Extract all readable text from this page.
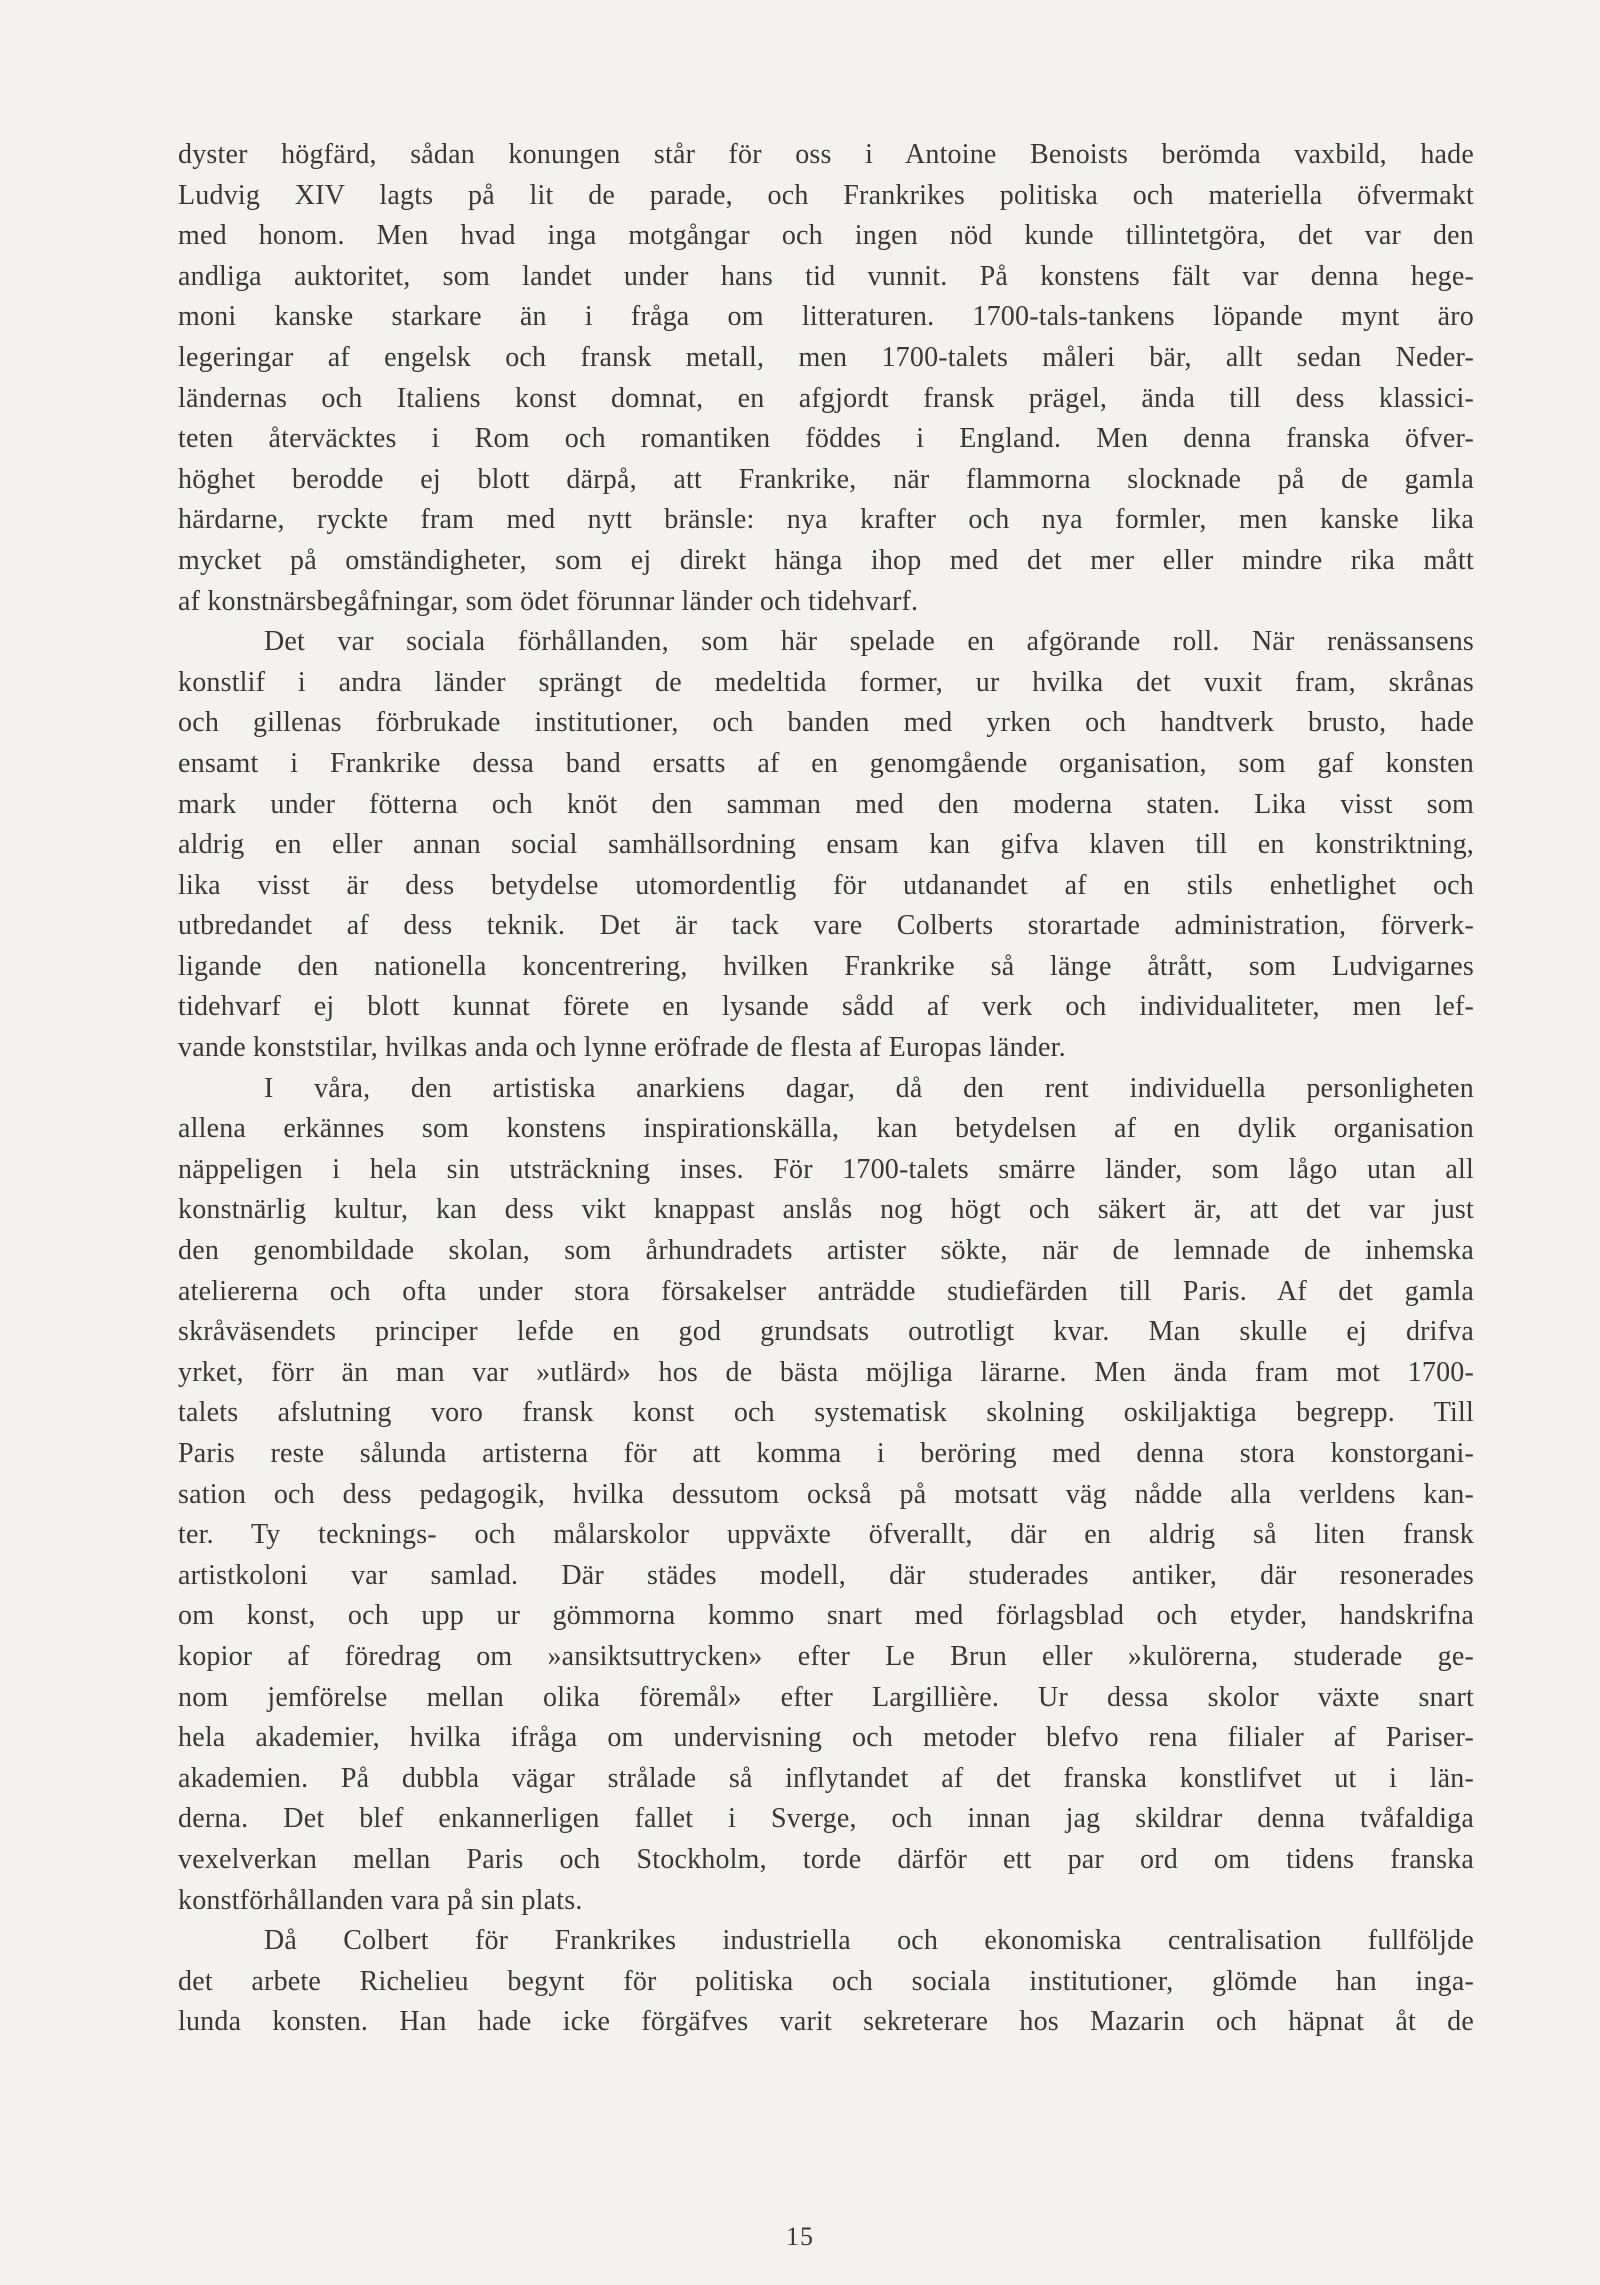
dyster högfärd, sådan konungen står för oss i Antoine Benoists berömda vaxbild, hade
Ludvig XIV lagts på lit de parade, och Frankrikes politiska och materiella öfvermakt
med honom. Men hvad inga motgångar och ingen nöd kunde tillintetgöra, det var den
andliga auktoritet, som landet under hans tid vunnit. På konstens fält var denna hege-
moni kanske starkare än i fråga om litteraturen. 1700-tals-tankens löpande mynt äro
legeringar af engelsk och fransk metall, men 1700-talets måleri bär, allt sedan Neder-
ländernas och Italiens konst domnat, en afgjordt fransk prägel, ända till dess klassici-
teten återväcktes i Rom och romantiken föddes i England. Men denna franska öfver-
höghet berodde ej blott därpå, att Frankrike, när flammorna slocknade på de gamla
härdarne, ryckte fram med nytt bränsle: nya krafter och nya formler, men kanske lika
mycket på omständigheter, som ej direkt hänga ihop med det mer eller mindre rika mått
af konstnärsbegåfningar, som ödet förunnar länder och tidehvarf.
Det var sociala förhållanden, som här spelade en afgörande roll. När renässansens
konstlif i andra länder sprängt de medeltida former, ur hvilka det vuxit fram, skrånas
och gillenas förbrukade institutioner, och banden med yrken och handtverk brusto, hade
ensamt i Frankrike dessa band ersatts af en genomgående organisation, som gaf konsten
mark under fötterna och knöt den samman med den moderna staten. Lika visst som
aldrig en eller annan social samhällsordning ensam kan gifva klaven till en konstriktning,
lika visst är dess betydelse utomordentlig för utdanandet af en stils enhetlighet och
utbredandet af dess teknik. Det är tack vare Colberts storartade administration, förverk-
ligande den nationella koncentrering, hvilken Frankrike så länge åtrått, som Ludvigarnes
tidehvarf ej blott kunnat förete en lysande sådd af verk och individualiteter, men lef-
vande konststilar, hvilkas anda och lynne eröfrade de flesta af Europas länder.
I våra, den artistiska anarkiens dagar, då den rent individuella personligheten
allena erkännes som konstens inspirationskälla, kan betydelsen af en dylik organisation
näppeligen i hela sin utsträckning inses. För 1700-talets smärre länder, som lågo utan all
konstnärlig kultur, kan dess vikt knappast anslås nog högt och säkert är, att det var just
den genombildade skolan, som århundradets artister sökte, när de lemnade de inhemska
ateliererna och ofta under stora försakelser anträdde studiefärden till Paris. Af det gamla
skråväsendets principer lefde en god grundsats outrotligt kvar. Man skulle ej drifva
yrket, förr än man var »utlärd» hos de bästa möjliga lärarne. Men ända fram mot 1700-
talets afslutning voro fransk konst och systematisk skolning oskiljaktiga begrepp. Till
Paris reste sålunda artisterna för att komma i beröring med denna stora konstorgani-
sation och dess pedagogik, hvilka dessutom också på motsatt väg nådde alla verldens kan-
ter. Ty tecknings- och målarskolor uppväxte öfverallt, där en aldrig så liten fransk
artistkoloni var samlad. Där städes modell, där studerades antiker, där resonerades
om konst, och upp ur gömmorna kommo snart med förlagsblad och etyder, handskrifna
kopior af föredrag om »ansiktsuttrycken» efter Le Brun eller »kulörerna, studerade ge-
nom jemförelse mellan olika föremål» efter Largillière. Ur dessa skolor växte snart
hela akademier, hvilka ifråga om undervisning och metoder blefvo rena filialer af Pariser-
akademien. På dubbla vägar strålade så inflytandet af det franska konstlifvet ut i län-
derna. Det blef enkannerligen fallet i Sverge, och innan jag skildrar denna tvåfaldiga
vexelverkan mellan Paris och Stockholm, torde därför ett par ord om tidens franska
konstförhållanden vara på sin plats.
Då Colbert för Frankrikes industriella och ekonomiska centralisation fullföljde
det arbete Richelieu begynt för politiska och sociala institutioner, glömde han inga-
lunda konsten. Han hade icke förgäfves varit sekreterare hos Mazarin och häpnat åt de
15
